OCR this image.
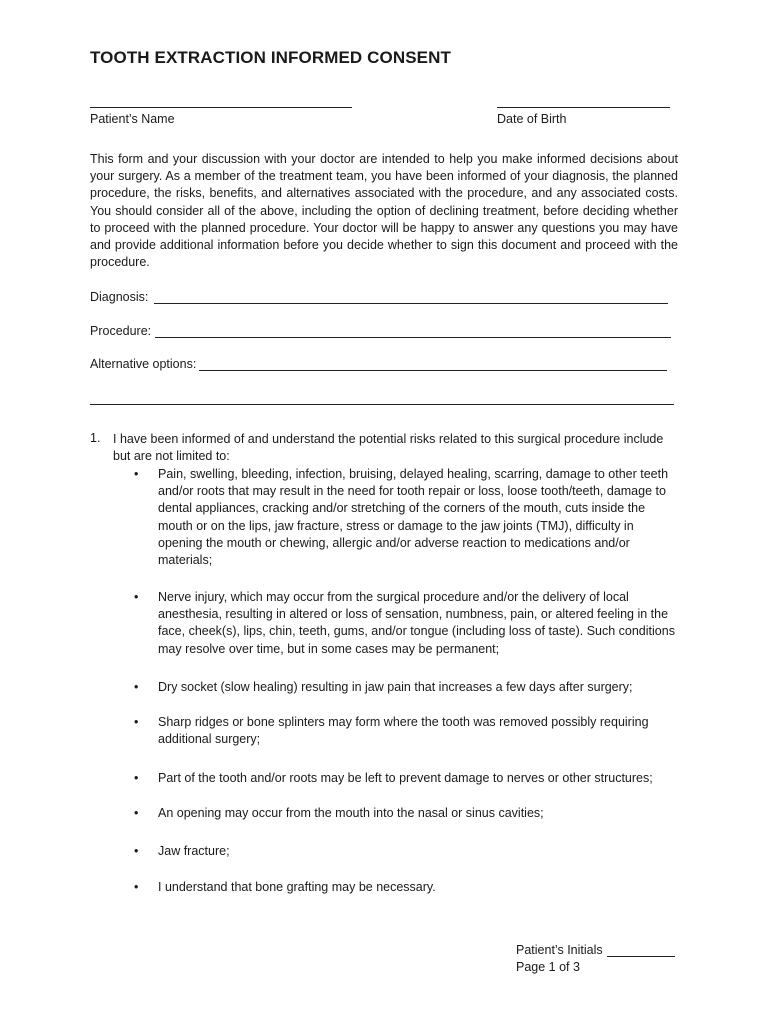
TOOTH EXTRACTION INFORMED CONSENT
Patient’s Name	Date of Birth

This form and your discussion with your doctor are intended to help you make informed decisions about your surgery. As a member of the treatment team, you have been informed of your diagnosis, the planned procedure, the risks, benefits, and alternatives associated with the procedure, and any associated costs. You should consider all of the above, including the option of declining treatment, before deciding whether to proceed with the planned procedure. Your doctor will be happy to answer any questions you may have and provide additional information before you decide whether to sign this document and proceed with the procedure.

Diagnosis:
Procedure:
Alternative options:
1. I have been informed of and understand the potential risks related to this surgical procedure include but are not limited to:

• Pain, swelling, bleeding, infection, bruising, delayed healing, scarring, damage to other teeth and/or roots that may result in the need for tooth repair or loss, loose tooth/teeth, damage to dental appliances, cracking and/or stretching of the corners of the mouth, cuts inside the mouth or on the lips, jaw fracture, stress or damage to the jaw joints (TMJ), difficulty in opening the mouth or chewing, allergic and/or adverse reaction to medications and/or materials;

• Nerve injury, which may occur from the surgical procedure and/or the delivery of local anesthesia, resulting in altered or loss of sensation, numbness, pain, or altered feeling in the face, cheek(s), lips, chin, teeth, gums, and/or tongue (including loss of taste). Such conditions may resolve over time, but in some cases may be permanent;

• Dry socket (slow healing) resulting in jaw pain that increases a few days after surgery;

• Sharp ridges or bone splinters may form where the tooth was removed possibly requiring additional surgery;

• Part of the tooth and/or roots may be left to prevent damage to nerves or other structures;

• An opening may occur from the mouth into the nasal or sinus cavities;

• Jaw fracture;

• I understand that bone grafting may be necessary.

Patient’s Initials
Page 1 of 3
